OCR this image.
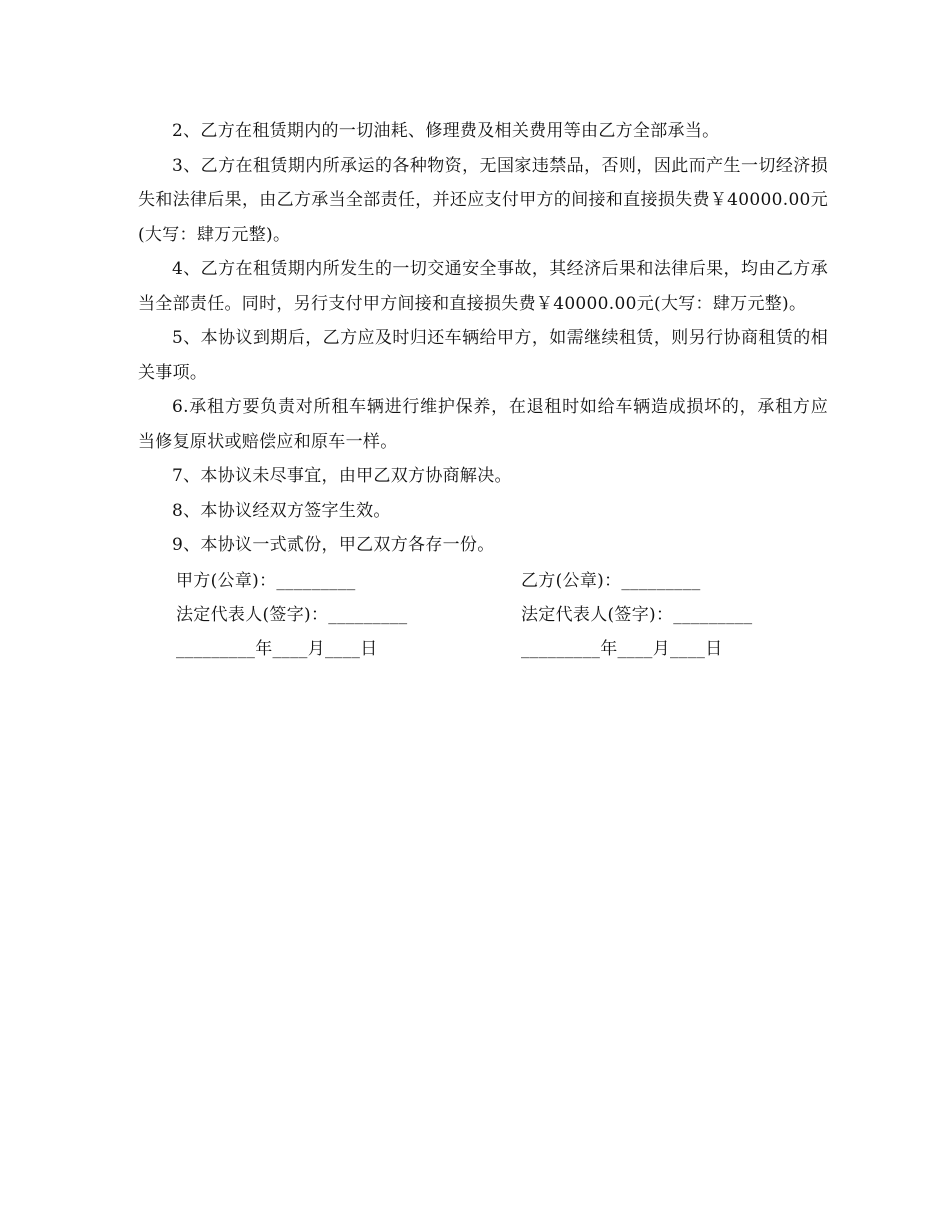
2、乙方在租赁期内的一切油耗、修理费及相关费用等由乙方全部承当。

3、乙方在租赁期内所承运的各种物资，无国家违禁品，否则，因此而产生一切经济损失和法律后果，由乙方承当全部责任，并还应支付甲方的间接和直接损失费￥40000.00元(大写：肆万元整)。

4、乙方在租赁期内所发生的一切交通安全事故，其经济后果和法律后果，均由乙方承当全部责任。同时，另行支付甲方间接和直接损失费￥40000.00元(大写：肆万元整)。

5、本协议到期后，乙方应及时归还车辆给甲方，如需继续租赁，则另行协商租赁的相关事项。

6.承租方要负责对所租车辆进行维护保养，在退租时如给车辆造成损坏的，承租方应当修复原状或赔偿应和原车一样。

7、本协议未尽事宜，由甲乙双方协商解决。

8、本协议经双方签字生效。

9、本协议一式贰份，甲乙双方各存一份。

甲方(公章)：_________	乙方(公章)：_________
法定代表人(签字)：_________	法定代表人(签字)：_________
_________年____月____日	_________年____月____日
